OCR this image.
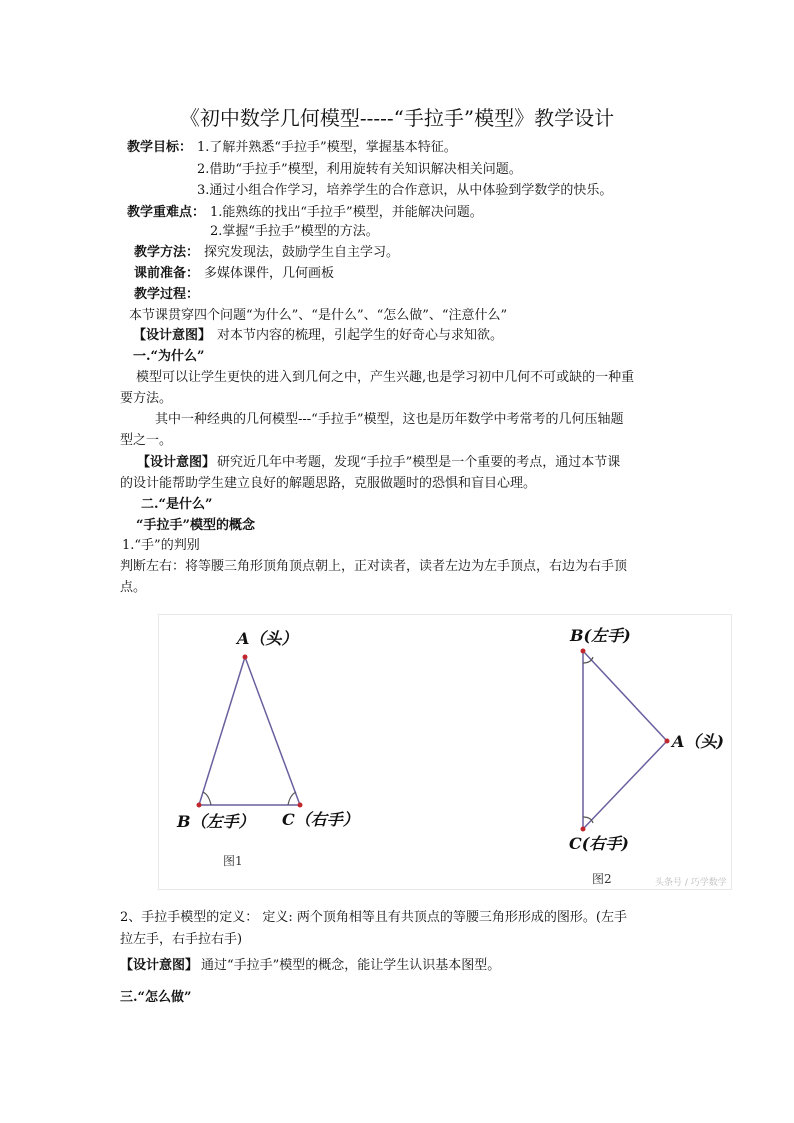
《初中数学几何模型-----“手拉手”模型》教学设计
教学目标： 1.了解并熟悉“手拉手”模型，掌握基本特征。
2.借助“手拉手”模型，利用旋转有关知识解决相关问题。
3.通过小组合作学习，培养学生的合作意识，从中体验到学数学的快乐。
教学重难点： 1.能熟练的找出“手拉手”模型，并能解决问题。
2.掌握“手拉手”模型的方法。
教学方法： 探究发现法，鼓励学生自主学习。
课前准备： 多媒体课件，几何画板
教学过程：
本节课贯穿四个问题“为什么”、“是什么”、“怎么做”、“注意什么”
【设计意图】 对本节内容的梳理，引起学生的好奇心与求知欲。
一.“为什么”
模型可以让学生更快的进入到几何之中，产生兴趣,也是学习初中几何不可或缺的一种重
要方法。
其中一种经典的几何模型---“手拉手”模型，这也是历年数学中考常考的几何压轴题
型之一。
【设计意图】 研究近几年中考题，发现“手拉手”模型是一个重要的考点，通过本节课
的设计能帮助学生建立良好的解题思路，克服做题时的恐惧和盲目心理。
二.“是什么”
“手拉手”模型的概念
1.“手”的判别
判断左右：将等腰三角形顶角顶点朝上，正对读者，读者左边为左手顶点，右边为右手顶
点。
A（头）
B（左手） C（右手）
图1
B(左手)
A（头)
C(右手)
图2	头条号 / 巧学数学
2、手拉手模型的定义： 定义: 两个顶角相等且有共顶点的等腰三角形形成的图形。(左手
拉左手，右手拉右手)
【设计意图】 通过“手拉手”模型的概念，能让学生认识基本图型。
三.“怎么做”
